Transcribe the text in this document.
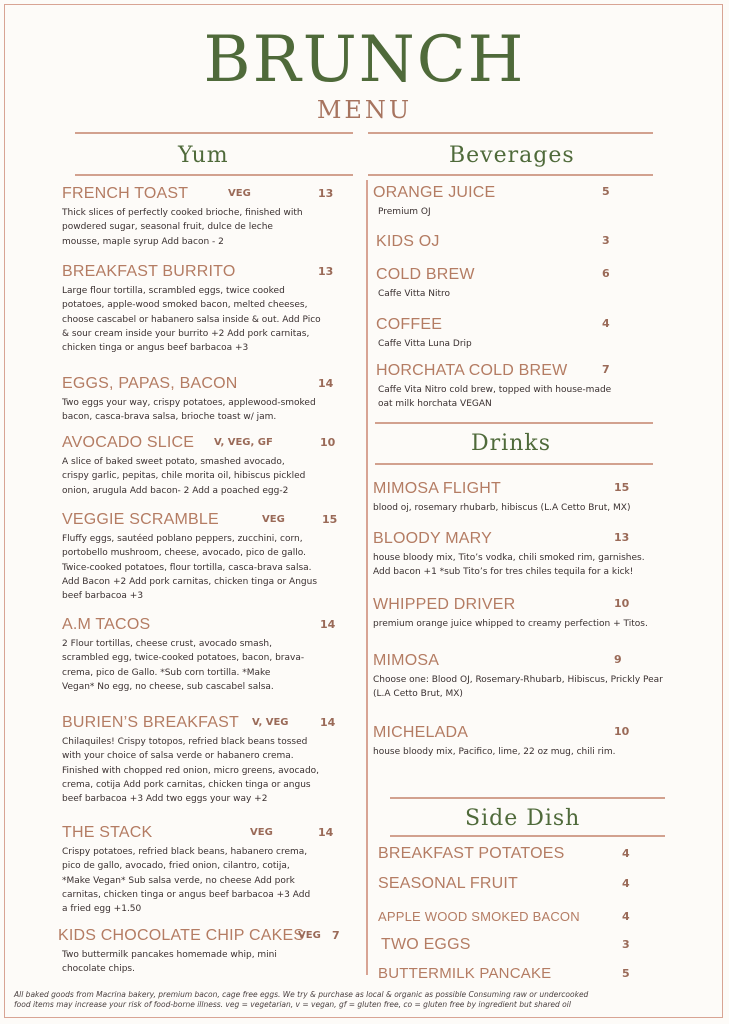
BRUNCH
MENU
Yum	Beverages
Drinks
Side Dish
All baked goods from Macrina bakery, premium bacon, cage free eggs. We try & purchase as local & organic as possible Consuming raw or undercooked
food items may increase your risk of food-borne illness. veg = vegetarian, v = vegan, gf = gluten free, co = gluten free by ingredient but shared oil
FRENCH TOAST	VEG	13
Thick slices of perfectly cooked brioche, finished with
powdered sugar, seasonal fruit, dulce de leche
mousse, maple syrup Add bacon - 2
BREAKFAST BURRITO	13
Large flour tortilla, scrambled eggs, twice cooked
potatoes, apple-wood smoked bacon, melted cheeses,
choose cascabel or habanero salsa inside & out. Add Pico
& sour cream inside your burrito +2 Add pork carnitas,
chicken tinga or angus beef barbacoa +3
EGGS, PAPAS, BACON	14
Two eggs your way, crispy potatoes, applewood-smoked
bacon, casca-brava salsa, brioche toast w/ jam.
AVOCADO SLICE V, VEG, GF	10
A slice of baked sweet potato, smashed avocado,
crispy garlic, pepitas, chile morita oil, hibiscus pickled
onion, arugula Add bacon- 2 Add a poached egg-2
VEGGIE SCRAMBLE	VEG	15
Fluffy eggs, sautéed poblano peppers, zucchini, corn,
portobello mushroom, cheese, avocado, pico de gallo.
Twice-cooked potatoes, flour tortilla, casca-brava salsa.
Add Bacon +2 Add pork carnitas, chicken tinga or Angus
beef barbacoa +3
A.M TACOS	14
2 Flour tortillas, cheese crust, avocado smash,
scrambled egg, twice-cooked potatoes, bacon, brava-
crema, pico de Gallo. *Sub corn tortilla. *Make
Vegan* No egg, no cheese, sub cascabel salsa.
BURIEN’S BREAKFAST V, VEG	14
Chilaquiles! Crispy totopos, refried black beans tossed
with your choice of salsa verde or habanero crema.
Finished with chopped red onion, micro greens, avocado,
crema, cotija Add pork carnitas, chicken tinga or angus
beef barbacoa +3 Add two eggs your way +2
THE STACK	VEG	14
Crispy potatoes, refried black beans, habanero crema,
pico de gallo, avocado, fried onion, cilantro, cotija,
*Make Vegan* Sub salsa verde, no cheese Add pork
carnitas, chicken tinga or angus beef barbacoa +3 Add
a fried egg +1.50
KIDS CHOCOLATE CHIP CAKES
VEG 7
Two buttermilk pancakes homemade whip, mini
chocolate chips.
ORANGE JUICE	5
Premium OJ
KIDS OJ	3
COLD BREW	6
Caffe Vitta Nitro
COFFEE	4
Caffe Vitta Luna Drip
HORCHATA COLD BREW	7
Caffe Vita Nitro cold brew, topped with house-made
oat milk horchata VEGAN
MIMOSA FLIGHT	15
blood oj, rosemary rhubarb, hibiscus (L.A Cetto Brut, MX)
BLOODY MARY	13
house bloody mix, Tito’s vodka, chili smoked rim, garnishes.
Add bacon +1 *sub Tito’s for tres chiles tequila for a kick!
WHIPPED DRIVER	10
premium orange juice whipped to creamy perfection + Titos.
MIMOSA	9
Choose one: Blood OJ, Rosemary-Rhubarb, Hibiscus, Prickly Pear
(L.A Cetto Brut, MX)
MICHELADA	10
house bloody mix, Pacifico, lime, 22 oz mug, chili rim.
BREAKFAST POTATOES	4
SEASONAL FRUIT	4
APPLE WOOD SMOKED BACON	4
TWO EGGS	3
BUTTERMILK PANCAKE	5
